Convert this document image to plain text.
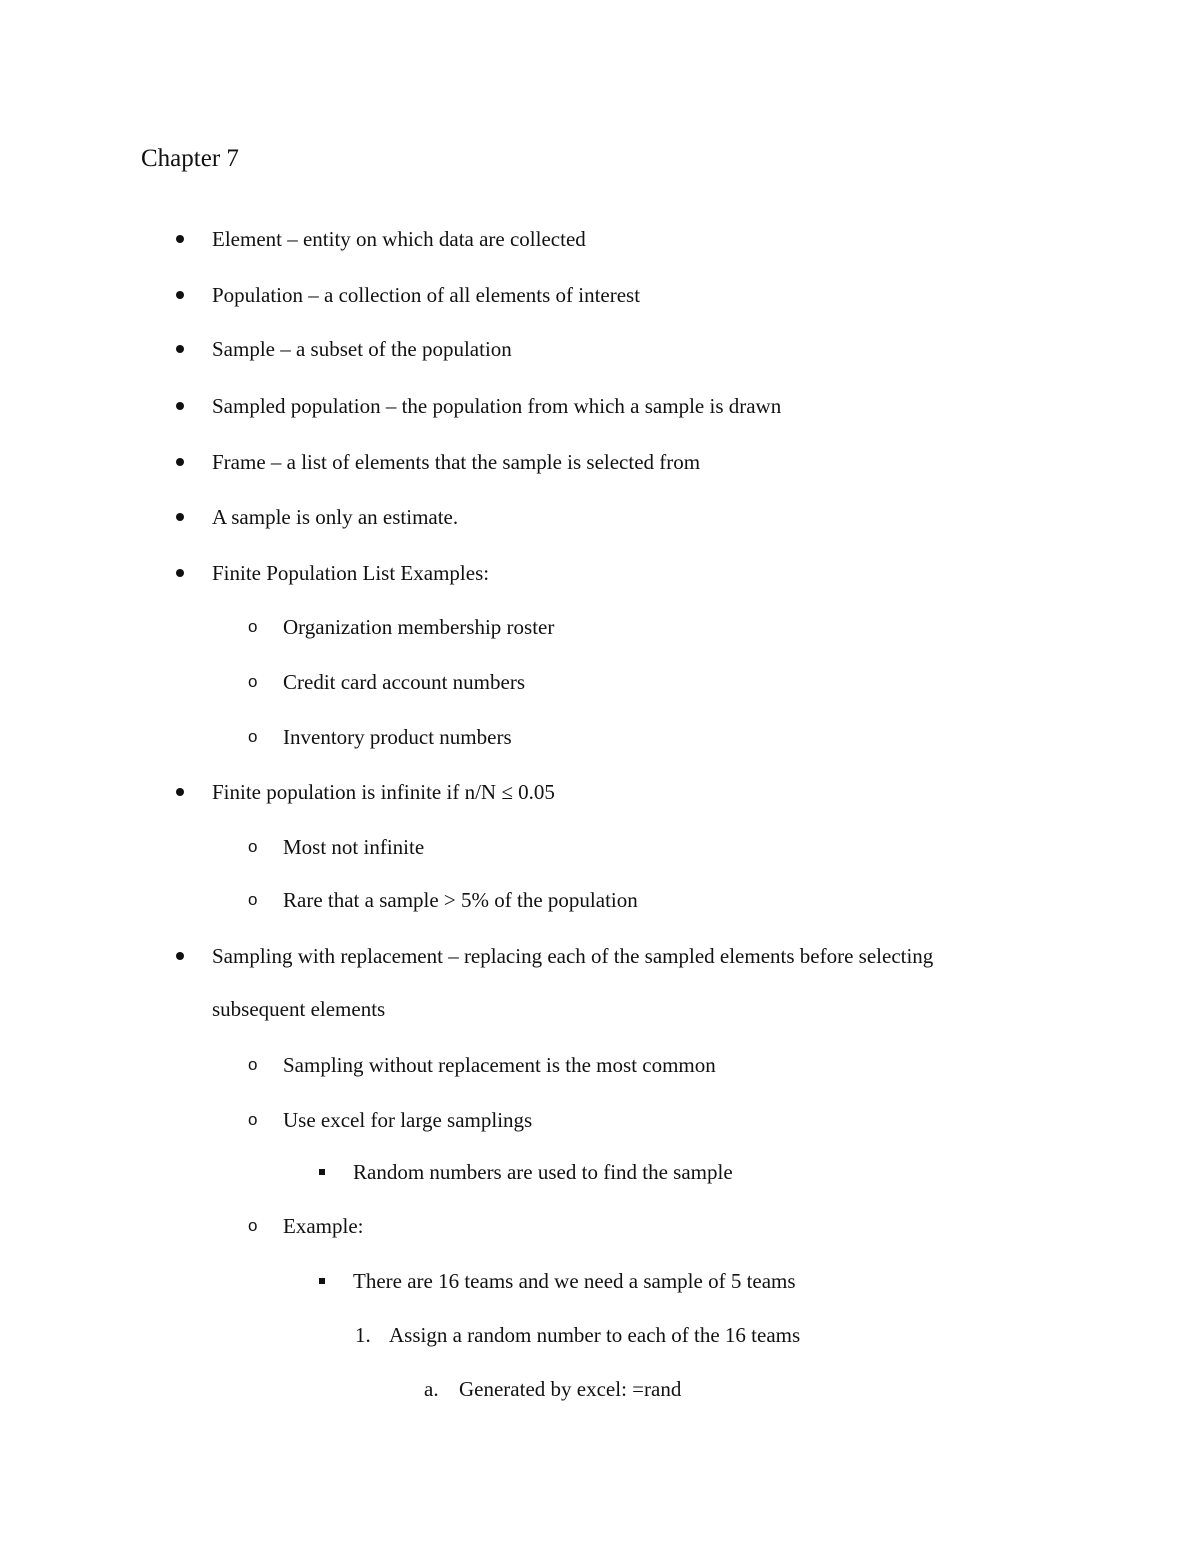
Chapter 7
Element – entity on which data are collected
Population – a collection of all elements of interest
Sample – a subset of the population
Sampled population – the population from which a sample is drawn
Frame – a list of elements that the sample is selected from
A sample is only an estimate.
Finite Population List Examples:
o Organization membership roster
o Credit card account numbers
o Inventory product numbers
Finite population is infinite if n/N ≤ 0.05
o Most not infinite
o Rare that a sample > 5% of the population
Sampling with replacement – replacing each of the sampled elements before selecting
subsequent elements
o Sampling without replacement is the most common
o Use excel for large samplings
Random numbers are used to find the sample
o Example:
There are 16 teams and we need a sample of 5 teams
1. Assign a random number to each of the 16 teams
a. Generated by excel: =rand
